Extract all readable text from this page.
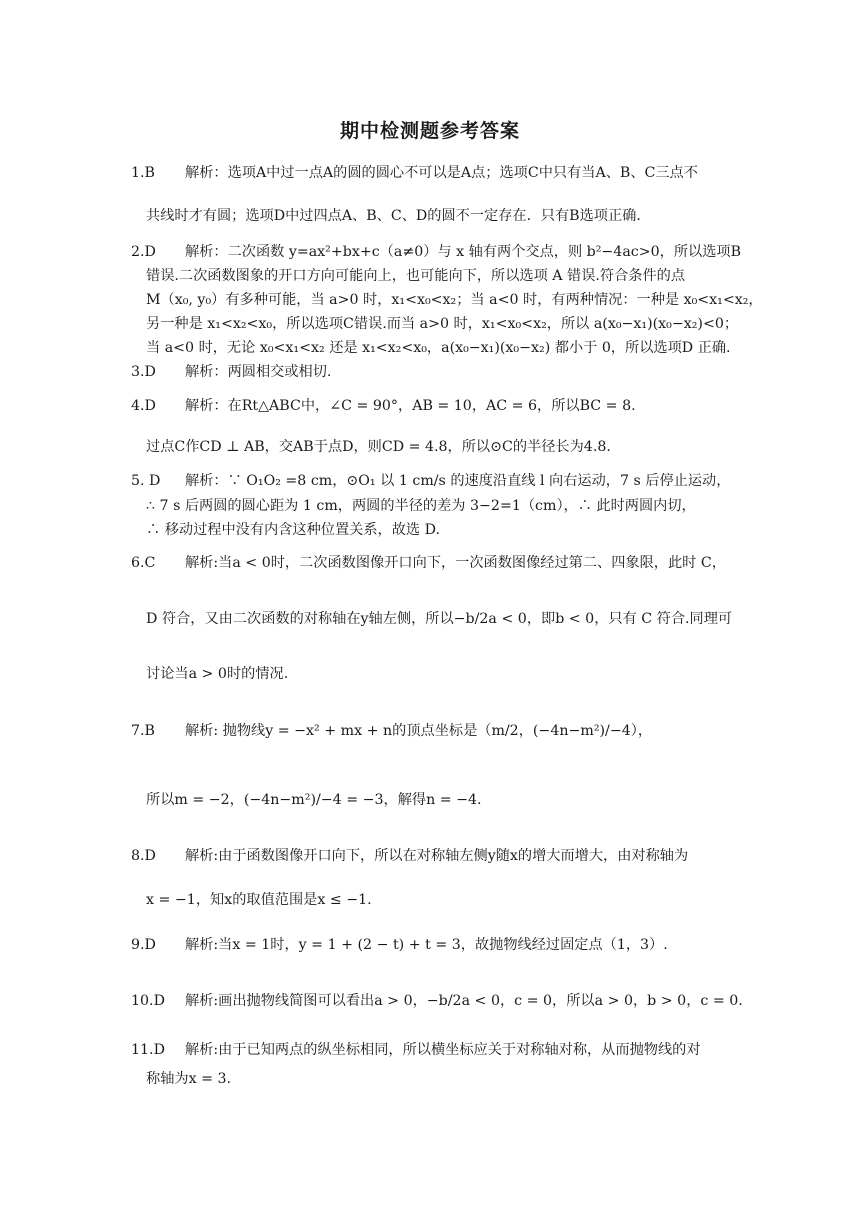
期中检测题参考答案
1.B 解析：选项A中过一点A的圆的圆心不可以是A点；选项C中只有当A、B、C三点不
共线时才有圆；选项D中过四点A、B、C、D的圆不一定存在．只有B选项正确．
2.D 解析：二次函数 y=ax²+bx+c（a≠0）与 x 轴有两个交点，则 b²−4ac>0，所以选项B
错误.二次函数图象的开口方向可能向上，也可能向下，所以选项 A 错误.符合条件的点
M（x₀, y₀）有多种可能，当 a>0 时，x₁<x₀<x₂；当 a<0 时，有两种情况：一种是 x₀<x₁<x₂，
另一种是 x₁<x₂<x₀，所以选项C错误.而当 a>0 时，x₁<x₀<x₂，所以 a(x₀−x₁)(x₀−x₂)<0；
当 a<0 时，无论 x₀<x₁<x₂ 还是 x₁<x₂<x₀，a(x₀−x₁)(x₀−x₂) 都小于 0，所以选项D 正确.
3.D 解析：两圆相交或相切.
4.D 解析：在Rt△ABC中，∠C = 90°，AB = 10，AC = 6，所以BC = 8.
过点C作CD ⊥ AB，交AB于点D，则CD = 4.8，所以⊙C的半径长为4.8.
5. D 解析：∵ O₁O₂ =8 cm，⊙O₁ 以 1 cm/s 的速度沿直线 l 向右运动，7 s 后停止运动，
∴ 7 s 后两圆的圆心距为 1 cm，两圆的半径的差为 3−2=1（cm），∴ 此时两圆内切，
∴ 移动过程中没有内含这种位置关系，故选 D.
6.C 解析:当a < 0时，二次函数图像开口向下，一次函数图像经过第二、四象限，此时 C，
D 符合，又由二次函数的对称轴在y轴左侧，所以−b/2a < 0，即b < 0，只有 C 符合.同理可
讨论当a > 0时的情况.
7.B 解析: 抛物线y = −x² + mx + n的顶点坐标是（m/2，(−4n−m²)/−4），
所以m = −2，(−4n−m²)/−4 = −3，解得n = −4.
8.D 解析:由于函数图像开口向下，所以在对称轴左侧y随x的增大而增大，由对称轴为
x = −1，知x的取值范围是x ≤ −1.
9.D 解析:当x = 1时，y = 1 + (2 − t) + t = 3，故抛物线经过固定点（1，3）.
10.D 解析:画出抛物线简图可以看出a > 0，−b/2a < 0，c = 0，所以a > 0，b > 0，c = 0.
11.D 解析:由于已知两点的纵坐标相同，所以横坐标应关于对称轴对称，从而抛物线的对
称轴为x = 3.
